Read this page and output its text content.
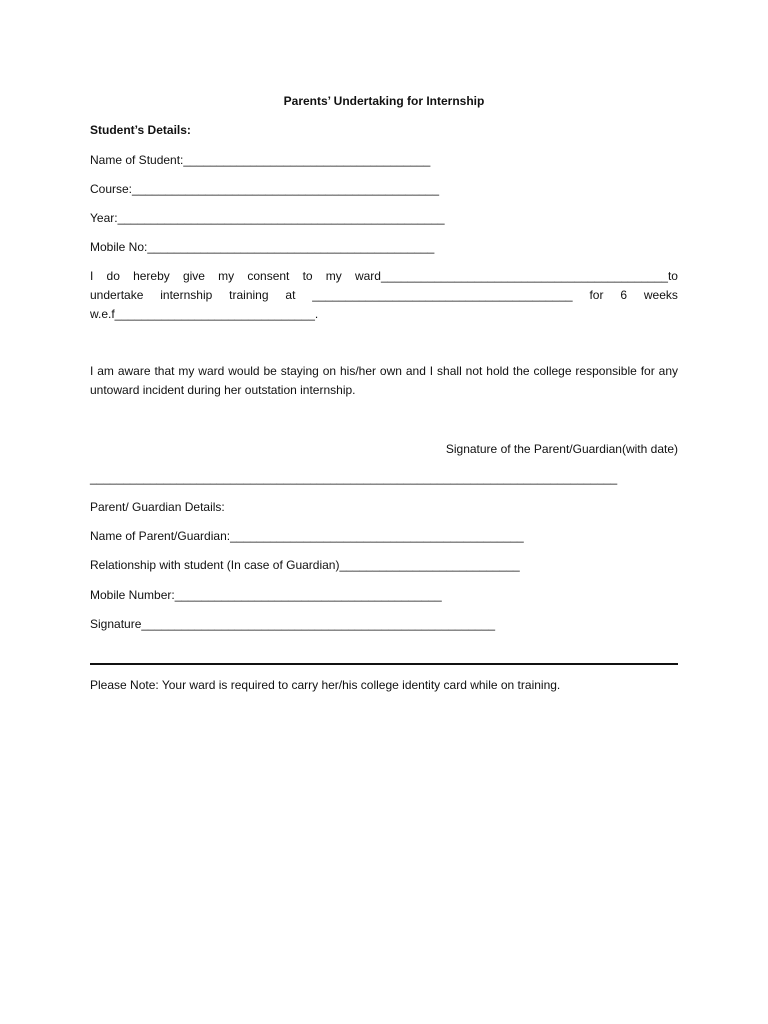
Parents’ Undertaking for Internship
Student’s Details:
Name of Student:_____________________________________
Course:______________________________________________
Year:_________________________________________________
Mobile No:___________________________________________
I do hereby give my consent to my ward___________________________________________to
undertake internship training at _______________________________________ for 6 weeks
w.e.f______________________________.
I am aware that my ward would be staying on his/her own and I shall not hold the college responsible for any untoward incident during her outstation internship.
Signature of the Parent/Guardian(with date)
_______________________________________________________________________________
Parent/ Guardian Details:
Name of Parent/Guardian:____________________________________________
Relationship with student (In case of Guardian)___________________________
Mobile Number:________________________________________
Signature_____________________________________________________
Please Note: Your ward is required to carry her/his college identity card while on training.
